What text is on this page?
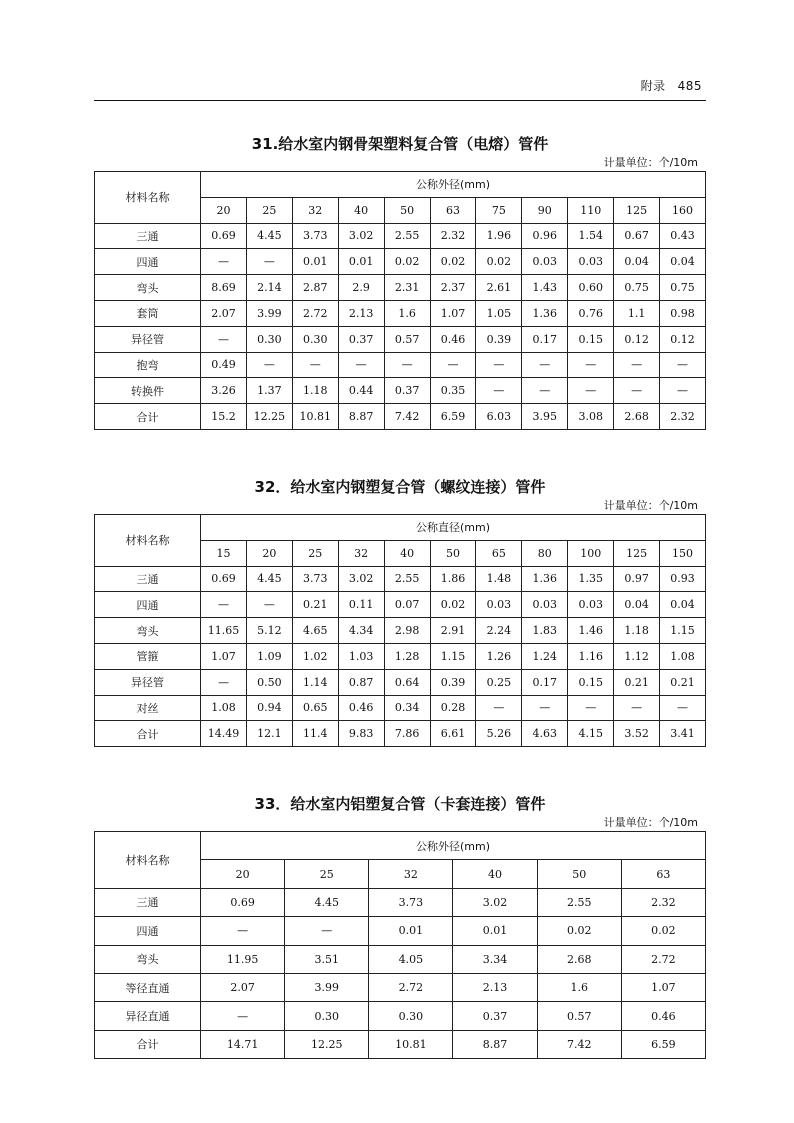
附录 485
31.给水室内钢骨架塑料复合管（电熔）管件
计量单位：个/10m
材料名称	公称外径(mm)										
	20	25	32	40	50	63	75	90	110	125	160
三通	0.69	4.45	3.73	3.02	2.55	2.32	1.96	0.96	1.54	0.67	0.43
四通	—	—	0.01	0.01	0.02	0.02	0.02	0.03	0.03	0.04	0.04
弯头	8.69	2.14	2.87	2.9	2.31	2.37	2.61	1.43	0.60	0.75	0.75
套筒	2.07	3.99	2.72	2.13	1.6	1.07	1.05	1.36	0.76	1.1	0.98
异径管	—	0.30	0.30	0.37	0.57	0.46	0.39	0.17	0.15	0.12	0.12
抱弯	0.49	—	—	—	—	—	—	—	—	—	—
转换件	3.26	1.37	1.18	0.44	0.37	0.35	—	—	—	—	—
合计	15.2	12.25	10.81	8.87	7.42	6.59	6.03	3.95	3.08	2.68	2.32
32．给水室内钢塑复合管（螺纹连接）管件
计量单位：个/10m
材料名称	公称直径(mm)										
	15	20	25	32	40	50	65	80	100	125	150
三通	0.69	4.45	3.73	3.02	2.55	1.86	1.48	1.36	1.35	0.97	0.93
四通	—	—	0.21	0.11	0.07	0.02	0.03	0.03	0.03	0.04	0.04
弯头	11.65	5.12	4.65	4.34	2.98	2.91	2.24	1.83	1.46	1.18	1.15
管箍	1.07	1.09	1.02	1.03	1.28	1.15	1.26	1.24	1.16	1.12	1.08
异径管	—	0.50	1.14	0.87	0.64	0.39	0.25	0.17	0.15	0.21	0.21
对丝	1.08	0.94	0.65	0.46	0.34	0.28	—	—	—	—	—
合计	14.49	12.1	11.4	9.83	7.86	6.61	5.26	4.63	4.15	3.52	3.41
33．给水室内铝塑复合管（卡套连接）管件
计量单位：个/10m
材料名称	公称外径(mm)					
	20	25	32	40	50	63
三通	0.69	4.45	3.73	3.02	2.55	2.32
四通	—	—	0.01	0.01	0.02	0.02
弯头	11.95	3.51	4.05	3.34	2.68	2.72
等径直通	2.07	3.99	2.72	2.13	1.6	1.07
异径直通	—	0.30	0.30	0.37	0.57	0.46
合计	14.71	12.25	10.81	8.87	7.42	6.59
